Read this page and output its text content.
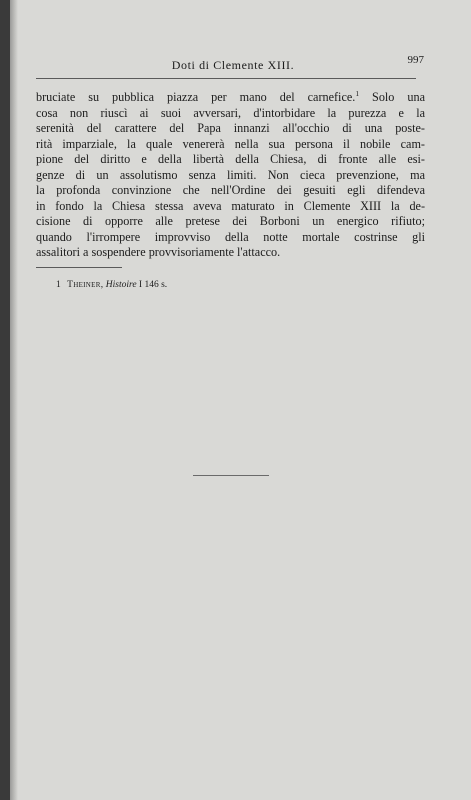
Doti di Clemente XIII.	997
bruciate su pubblica piazza per mano del carnefice.$^1$ Solo una
cosa non riuscì ai suoi avversari, d'intorbidare la purezza e la
serenità del carattere del Papa innanzi all'occhio di una poste-
rità imparziale, la quale venererà nella sua persona il nobile cam-
pione del diritto e della libertà della Chiesa, di fronte alle esi-
genze di un assolutismo senza limiti. Non cieca prevenzione, ma
la profonda convinzione che nell'Ordine dei gesuiti egli difendeva
in fondo la Chiesa stessa aveva maturato in Clemente XIII la de-
cisione di opporre alle pretese dei Borboni un energico rifiuto;
quando l'irrompere improvviso della notte mortale costrinse gli
assalitori a sospendere provvisoriamente l'attacco.
1 Theiner, Histoire I 146 s.
